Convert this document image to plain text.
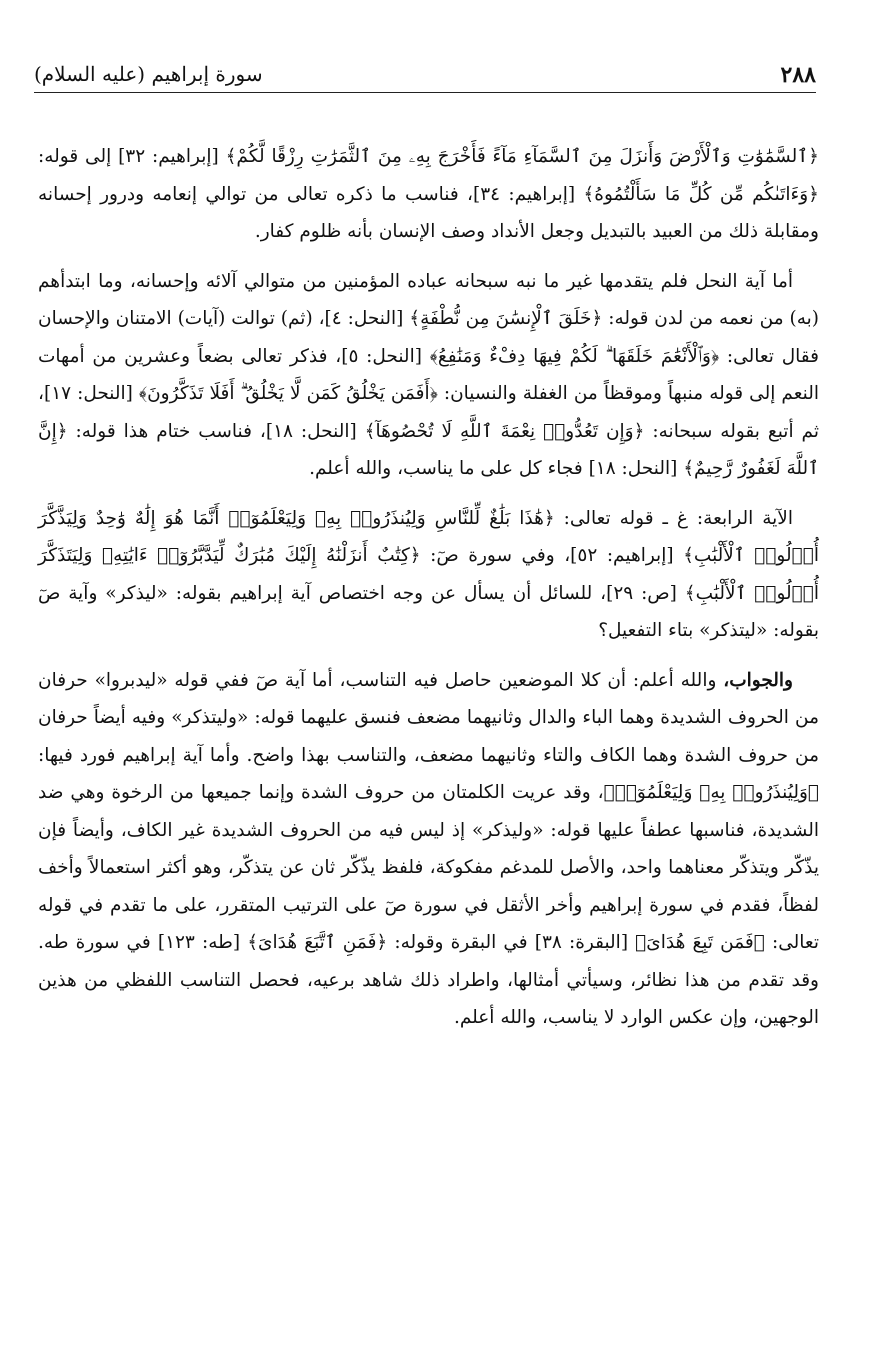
٢٨٨
سورة إبراهيم (عليه السلام)

﴿ٱلسَّمَٰوَٰتِ وَٱلْأَرْضَ وَأَنزَلَ مِنَ ٱلسَّمَآءِ مَآءً فَأَخْرَجَ بِهِۦ مِنَ ٱلثَّمَرَٰتِ رِزْقًا لَّكُمْ﴾ [إبراهيم: ٣٢] إلى قوله: ﴿وَءَاتَىٰكُم مِّن كُلِّ مَا سَأَلْتُمُوهُ﴾ [إبراهيم: ٣٤]، فناسب ما ذكره تعالى من توالي إنعامه ودرور إحسانه ومقابلة ذلك من العبيد بالتبديل وجعل الأنداد وصف الإنسان بأنه ظلوم كفار.

أما آية النحل فلم يتقدمها غير ما نبه سبحانه عباده المؤمنين من متوالي آلائه وإحسانه، وما ابتدأهم (به) من نعمه من لدن قوله: ﴿خَلَقَ ٱلْإِنسَٰنَ مِن نُّطْفَةٍ﴾ [النحل: ٤]، (ثم) توالت (آيات) الامتنان والإحسان فقال تعالى: ﴿وَٱلْأَنْعَٰمَ خَلَقَهَا ۗ لَكُمْ فِيهَا دِفْءٌ وَمَنَٰفِعُ﴾ [النحل: ٥]، فذكر تعالى بضعاً وعشرين من أمهات النعم إلى قوله منبهاً وموقظاً من الغفلة والنسيان: ﴿أَفَمَن يَخْلُقُ كَمَن لَّا يَخْلُقُ ۗ أَفَلَا تَذَكَّرُونَ﴾ [النحل: ١٧]، ثم أتبع بقوله سبحانه: ﴿وَإِن تَعُدُّوا۟ نِعْمَةَ ٱللَّهِ لَا تُحْصُوهَآ﴾ [النحل: ١٨]، فناسب ختام هذا قوله: ﴿إِنَّ ٱللَّهَ لَغَفُورٌ رَّحِيمٌ﴾ [النحل: ١٨] فجاء كل على ما يناسب، والله أعلم.

الآية الرابعة: غ ـ قوله تعالى: ﴿هَٰذَا بَلَٰغٌ لِّلنَّاسِ وَلِيُنذَرُوا۟ بِهِۦ وَلِيَعْلَمُوٓا۟ أَنَّمَا هُوَ إِلَٰهٌ وَٰحِدٌ وَلِيَذَّكَّرَ أُو۟لُوا۟ ٱلْأَلْبَٰبِ﴾ [إبراهيم: ٥٢]، وفي سورة صٓ: ﴿كِتَٰبٌ أَنزَلْنَٰهُ إِلَيْكَ مُبَٰرَكٌ لِّيَدَّبَّرُوٓا۟ ءَايَٰتِهِۦ وَلِيَتَذَكَّرَ أُو۟لُوا۟ ٱلْأَلْبَٰبِ﴾ [ص: ٢٩]، للسائل أن يسأل عن وجه اختصاص آية إبراهيم بقوله: «ليذكر» وآية صٓ بقوله: «ليتذكر» بتاء التفعيل؟

والجواب، والله أعلم: أن كلا الموضعين حاصل فيه التناسب، أما آية صٓ ففي قوله «ليدبروا» حرفان من الحروف الشديدة وهما الباء والدال وثانيهما مضعف فنسق عليهما قوله: «وليتذكر» وفيه أيضاً حرفان من حروف الشدة وهما الكاف والتاء وثانيهما مضعف، والتناسب بهذا واضح. وأما آية إبراهيم فورد فيها: ﴿وَلِيُنذَرُوا۟ بِهِۦ وَلِيَعْلَمُوٓا۟﴾، وقد عريت الكلمتان من حروف الشدة وإنما جميعها من الرخوة وهي ضد الشديدة، فناسبها عطفاً عليها قوله: «وليذكر» إذ ليس فيه من الحروف الشديدة غير الكاف، وأيضاً فإن يذّكّر ويتذكّر معناهما واحد، والأصل للمدغم مفكوكة، فلفظ يذّكّر ثان عن يتذكّر، وهو أكثر استعمالاً وأخف لفظاً، فقدم في سورة إبراهيم وأخر الأثقل في سورة صٓ على الترتيب المتقرر، على ما تقدم في قوله تعالى: ﴿فَمَن تَبِعَ هُدَاىَ﴾ [البقرة: ٣٨] في البقرة وقوله: ﴿فَمَنِ ٱتَّبَعَ هُدَاىَ﴾ [طه: ١٢٣] في سورة طه. وقد تقدم من هذا نظائر، وسيأتي أمثالها، واطراد ذلك شاهد برعيه، فحصل التناسب اللفظي من هذين الوجهين، وإن عكس الوارد لا يناسب، والله أعلم.
